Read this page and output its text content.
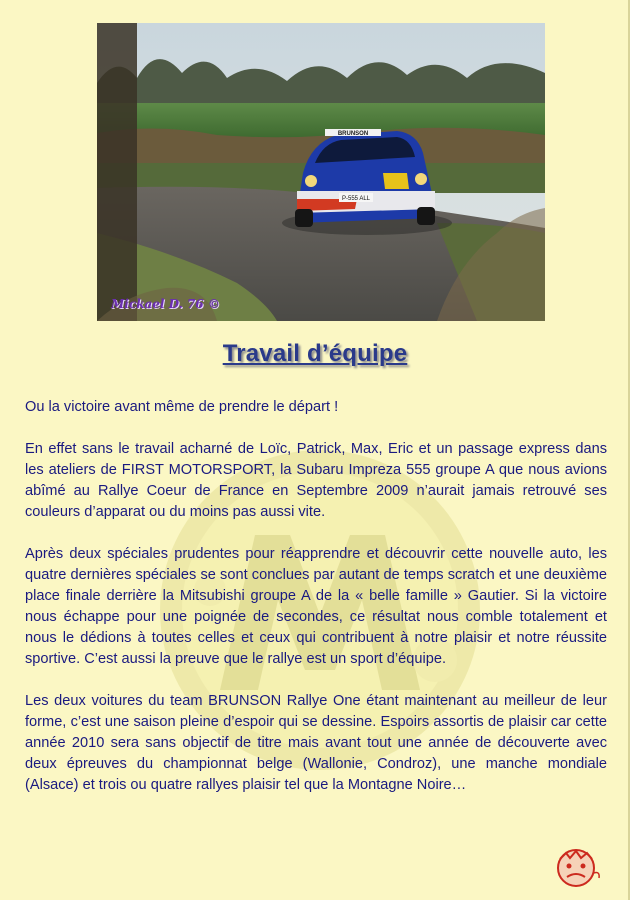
P-555 ALL
BRUNSON
Mickael D. 76 ©
Travail d’équipe

Ou la victoire avant même de prendre le départ !

En effet sans le travail acharné de Loïc, Patrick, Max, Eric et un passage express dans les ateliers de FIRST MOTORSPORT, la Subaru Impreza 555 groupe A que nous avions abîmé au Rallye Coeur de France en Septembre 2009 n’aurait jamais retrouvé ses couleurs d’apparat ou du moins pas aussi vite.

Après deux spéciales prudentes pour réapprendre et découvrir cette nouvelle auto, les quatre dernières spéciales se sont conclues par autant de temps scratch et une deuxième place finale derrière la Mitsubishi groupe A de la « belle famille » Gautier. Si la victoire nous échappe pour une poignée de secondes, ce résultat nous comble totalement et nous le dédions à toutes celles et ceux qui contribuent à notre plaisir et notre réussite sportive. C’est aussi la preuve que le rallye est un sport d’équipe.

Les deux voitures du team BRUNSON Rallye One étant maintenant au meilleur de leur forme, c’est une saison pleine d’espoir qui se dessine. Espoirs assortis de plaisir car cette année 2010 sera sans objectif de titre mais avant tout une année de découverte avec deux épreuves du championnat belge (Wallonie, Condroz), une manche mondiale (Alsace) et trois ou quatre rallyes plaisir tel que la Montagne Noire…
